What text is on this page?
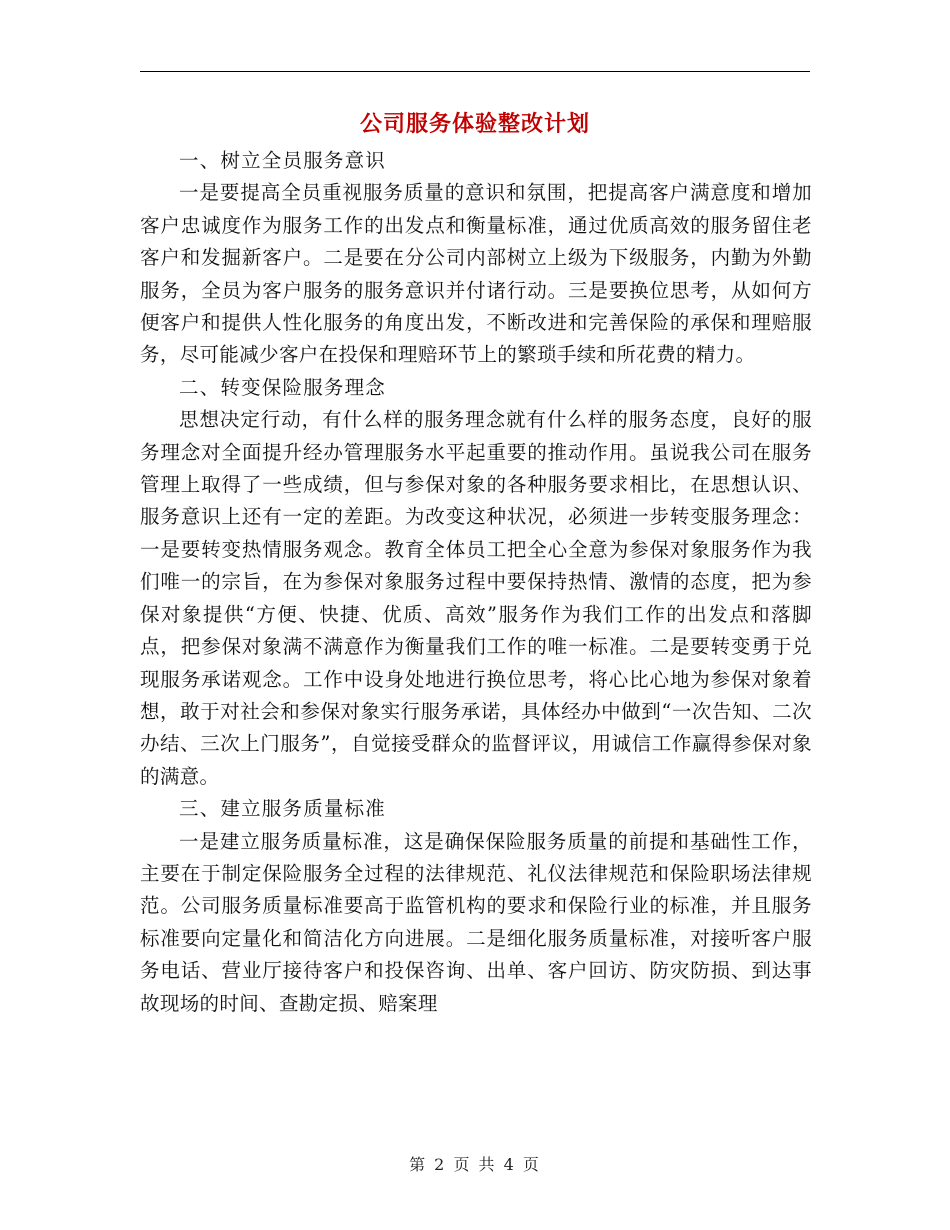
公司服务体验整改计划

一、树立全员服务意识

一是要提高全员重视服务质量的意识和氛围，把提高客户满意度和增加客户忠诚度作为服务工作的出发点和衡量标准，通过优质高效的服务留住老客户和发掘新客户。二是要在分公司内部树立上级为下级服务，内勤为外勤服务，全员为客户服务的服务意识并付诸行动。三是要换位思考，从如何方便客户和提供人性化服务的角度出发，不断改进和完善保险的承保和理赔服务，尽可能减少客户在投保和理赔环节上的繁琐手续和所花费的精力。

二、转变保险服务理念

思想决定行动，有什么样的服务理念就有什么样的服务态度，良好的服务理念对全面提升经办管理服务水平起重要的推动作用。虽说我公司在服务管理上取得了一些成绩，但与参保对象的各种服务要求相比，在思想认识、服务意识上还有一定的差距。为改变这种状况，必须进一步转变服务理念：一是要转变热情服务观念。教育全体员工把全心全意为参保对象服务作为我们唯一的宗旨，在为参保对象服务过程中要保持热情、激情的态度，把为参保对象提供“方便、快捷、优质、高效”服务作为我们工作的出发点和落脚点，把参保对象满不满意作为衡量我们工作的唯一标准。二是要转变勇于兑现服务承诺观念。工作中设身处地进行换位思考，将心比心地为参保对象着想，敢于对社会和参保对象实行服务承诺，具体经办中做到“一次告知、二次办结、三次上门服务”，自觉接受群众的监督评议，用诚信工作赢得参保对象的满意。

三、建立服务质量标准

一是建立服务质量标准，这是确保保险服务质量的前提和基础性工作，主要在于制定保险服务全过程的法律规范、礼仪法律规范和保险职场法律规范。公司服务质量标准要高于监管机构的要求和保险行业的标准，并且服务标准要向定量化和简洁化方向进展。二是细化服务质量标准，对接听客户服务电话、营业厅接待客户和投保咨询、出单、客户回访、防灾防损、到达事故现场的时间、查勘定损、赔案理

第 2 页 共 4 页
